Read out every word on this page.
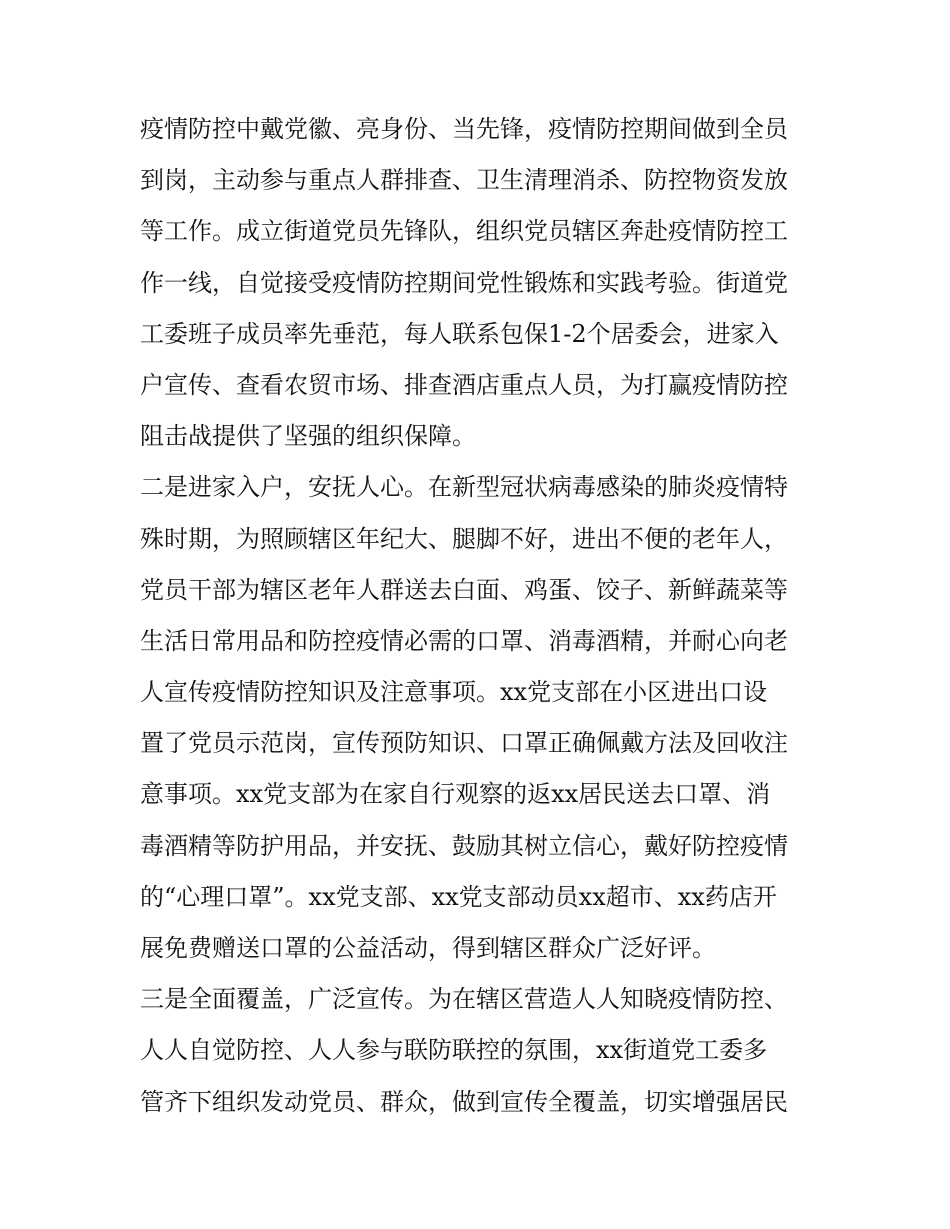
疫情防控中戴党徽、亮身份、当先锋，疫情防控期间做到全员
到岗，主动参与重点人群排查、卫生清理消杀、防控物资发放
等工作。成立街道党员先锋队，组织党员辖区奔赴疫情防控工
作一线，自觉接受疫情防控期间党性锻炼和实践考验。街道党
工委班子成员率先垂范，每人联系包保1-2个居委会，进家入
户宣传、查看农贸市场、排查酒店重点人员，为打赢疫情防控
阻击战提供了坚强的组织保障。
二是进家入户，安抚人心。在新型冠状病毒感染的肺炎疫情特
殊时期，为照顾辖区年纪大、腿脚不好，进出不便的老年人，
党员干部为辖区老年人群送去白面、鸡蛋、饺子、新鲜蔬菜等
生活日常用品和防控疫情必需的口罩、消毒酒精，并耐心向老
人宣传疫情防控知识及注意事项。xx党支部在小区进出口设
置了党员示范岗，宣传预防知识、口罩正确佩戴方法及回收注
意事项。xx党支部为在家自行观察的返xx居民送去口罩、消
毒酒精等防护用品，并安抚、鼓励其树立信心，戴好防控疫情
的“心理口罩”。xx党支部、xx党支部动员xx超市、xx药店开
展免费赠送口罩的公益活动，得到辖区群众广泛好评。
三是全面覆盖，广泛宣传。为在辖区营造人人知晓疫情防控、
人人自觉防控、人人参与联防联控的氛围，xx街道党工委多
管齐下组织发动党员、群众，做到宣传全覆盖，切实增强居民
